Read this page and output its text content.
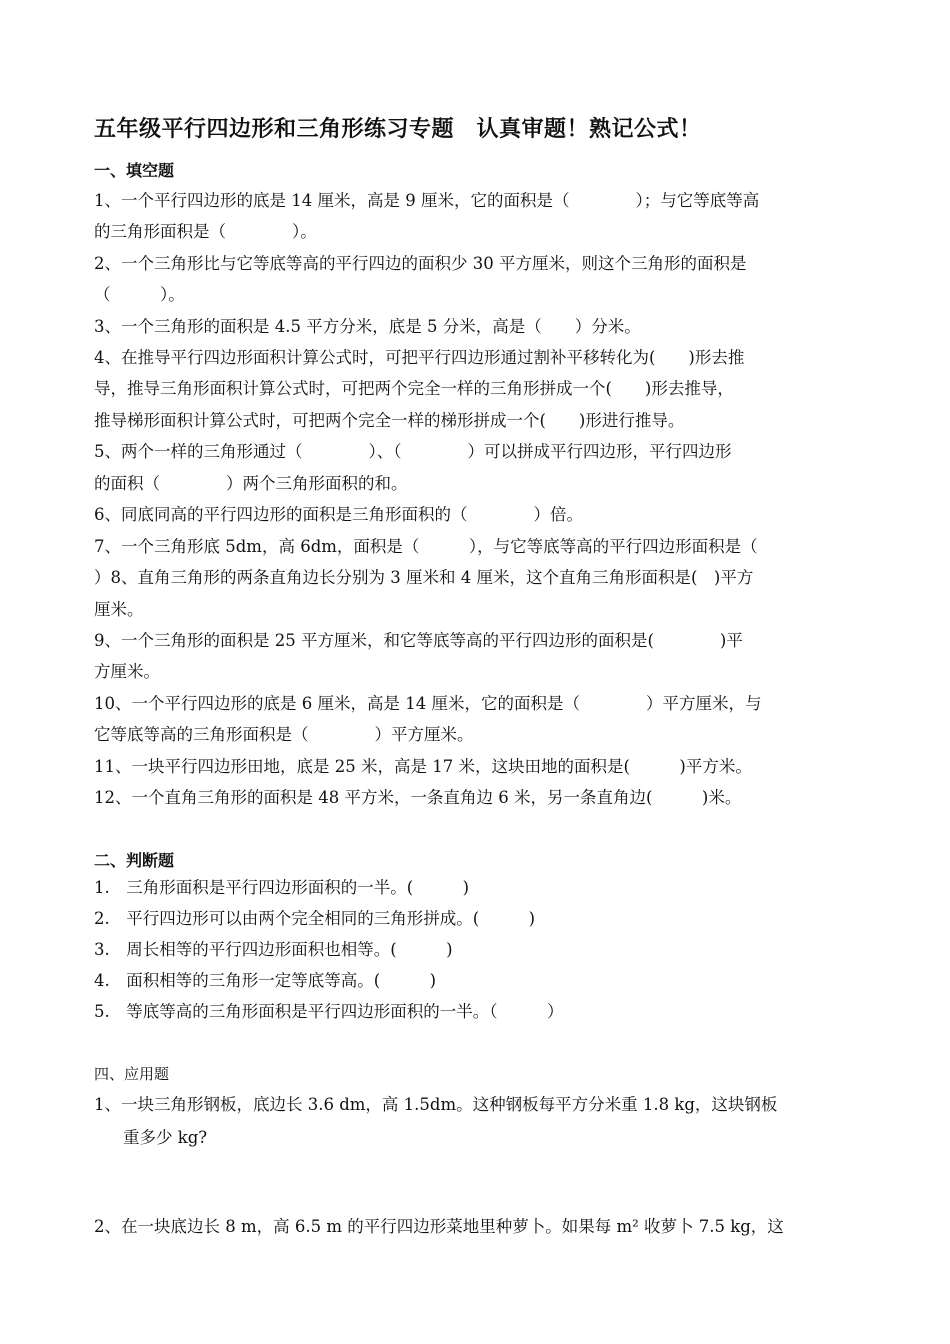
五年级平行四边形和三角形练习专题　认真审题！熟记公式！
一、填空题
1、一个平行四边形的底是 14 厘米，高是 9 厘米，它的面积是（　　　　）；与它等底等高
的三角形面积是（　　　　）。
2、一个三角形比与它等底等高的平行四边的面积少 30 平方厘米，则这个三角形的面积是
（　　　）。
3、一个三角形的面积是 4.5 平方分米，底是 5 分米，高是（　　）分米。
4、在推导平行四边形面积计算公式时，可把平行四边形通过割补平移转化为(　　)形去推
导，推导三角形面积计算公式时，可把两个完全一样的三角形拼成一个(　　)形去推导，
推导梯形面积计算公式时，可把两个完全一样的梯形拼成一个(　　)形进行推导。
5、两个一样的三角形通过（　　　　）、（　　　　）可以拼成平行四边形，平行四边形
的面积（　　　　）两个三角形面积的和。
6、同底同高的平行四边形的面积是三角形面积的（　　　　）倍。
7、一个三角形底 5dm，高 6dm，面积是（　　　），与它等底等高的平行四边形面积是（
）8、直角三角形的两条直角边长分别为 3 厘米和 4 厘米，这个直角三角形面积是(　)平方
厘米。
9、一个三角形的面积是 25 平方厘米，和它等底等高的平行四边形的面积是(　　　　)平
方厘米。
10、一个平行四边形的底是 6 厘米，高是 14 厘米，它的面积是（　　　　）平方厘米，与
它等底等高的三角形面积是（　　　　）平方厘米。
11、一块平行四边形田地，底是 25 米，高是 17 米，这块田地的面积是(　　　)平方米。
12、一个直角三角形的面积是 48 平方米，一条直角边 6 米，另一条直角边(　　　)米。
二、判断题
1.　三角形面积是平行四边形面积的一半。(　　　)
2.　平行四边形可以由两个完全相同的三角形拼成。(　　　)
3.　周长相等的平行四边形面积也相等。(　　　)
4.　面积相等的三角形一定等底等高。(　　　)
5.　等底等高的三角形面积是平行四边形面积的一半。（　　　）
四、应用题
1、一块三角形钢板，底边长 3.6 dm，高 1.5dm。这种钢板每平方分米重 1.8 kg，这块钢板
重多少 kg?
2、在一块底边长 8 m，高 6.5 m 的平行四边形菜地里种萝卜。如果每 m² 收萝卜 7.5 kg，这
